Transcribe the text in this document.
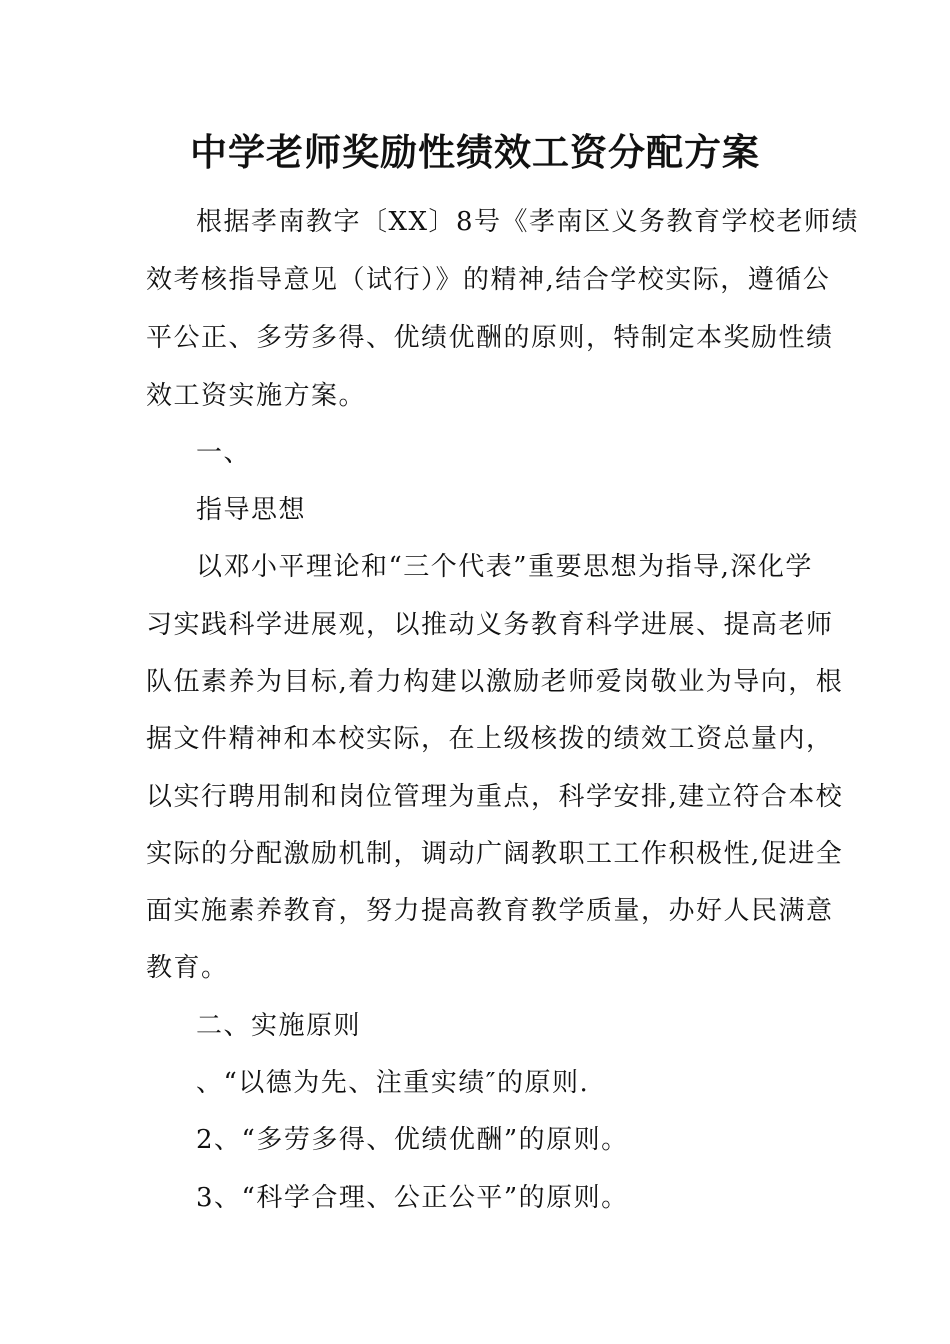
中学老师奖励性绩效工资分配方案
根据孝南教字〔XX〕8号《孝南区义务教育学校老师绩
效考核指导意见（试行）》的精神,结合学校实际，遵循公
平公正、多劳多得、优绩优酬的原则，特制定本奖励性绩
效工资实施方案。
一、
指导思想
以邓小平理论和“三个代表”重要思想为指导,深化学
习实践科学进展观，以推动义务教育科学进展、提高老师
队伍素养为目标,着力构建以激励老师爱岗敬业为导向，根
据文件精神和本校实际，在上级核拨的绩效工资总量内，
以实行聘用制和岗位管理为重点，科学安排,建立符合本校
实际的分配激励机制，调动广阔教职工工作积极性,促进全
面实施素养教育，努力提高教育教学质量，办好人民满意
教育。
二、实施原则
、“以德为先、注重实绩″的原则.
2、“多劳多得、优绩优酬”的原则。
3、“科学合理、公正公平”的原则。
